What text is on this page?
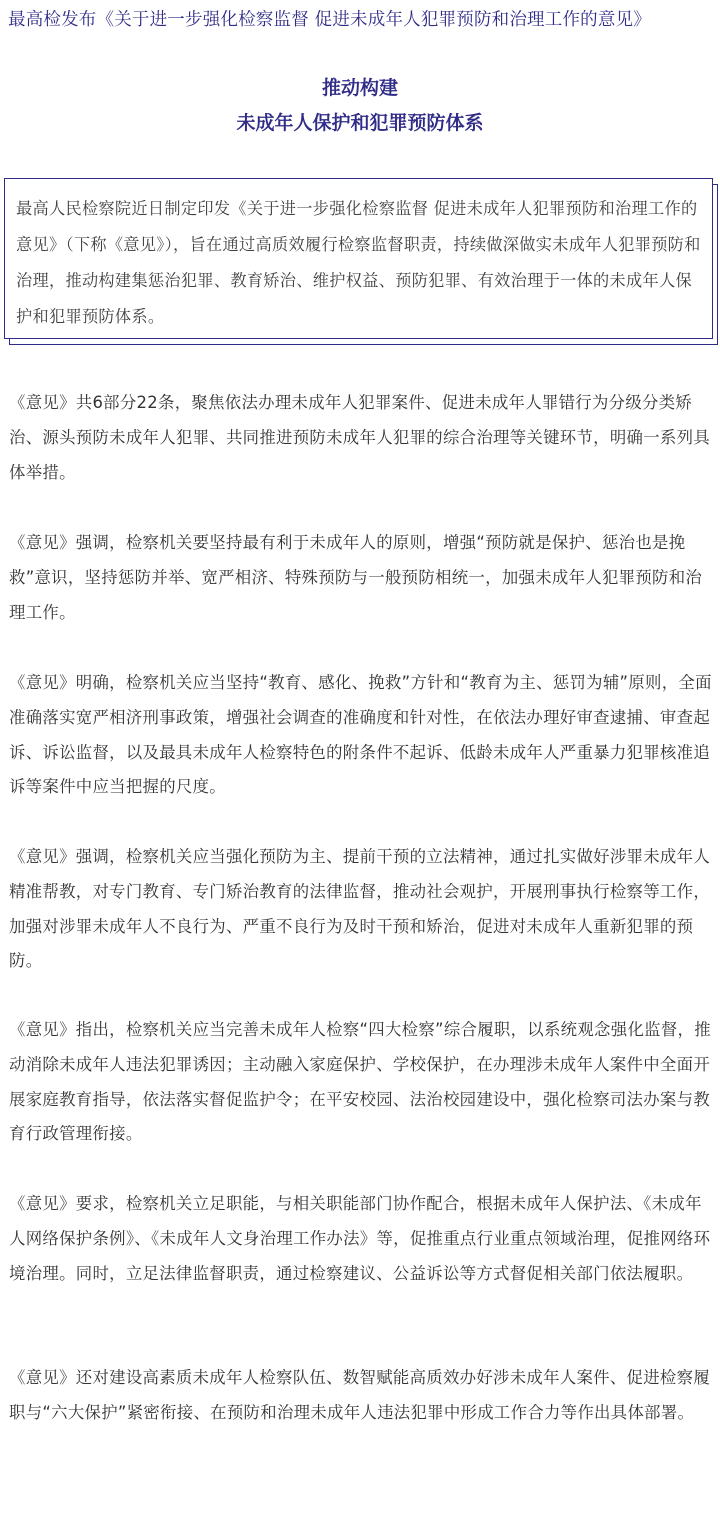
最高检发布《关于进一步强化检察监督 促进未成年人犯罪预防和治理工作的意见》
推动构建
未成年人保护和犯罪预防体系

最高人民检察院近日制定印发《关于进一步强化检察监督 促进未成年人犯罪预防和治理工作的意见》（下称《意见》），旨在通过高质效履行检察监督职责，持续做深做实未成年人犯罪预防和治理，推动构建集惩治犯罪、教育矫治、维护权益、预防犯罪、有效治理于一体的未成年人保护和犯罪预防体系。

《意见》共6部分22条，聚焦依法办理未成年人犯罪案件、促进未成年人罪错行为分级分类矫治、源头预防未成年人犯罪、共同推进预防未成年人犯罪的综合治理等关键环节，明确一系列具体举措。

《意见》强调，检察机关要坚持最有利于未成年人的原则，增强“预防就是保护、惩治也是挽救”意识，坚持惩防并举、宽严相济、特殊预防与一般预防相统一，加强未成年人犯罪预防和治理工作。

《意见》明确，检察机关应当坚持“教育、感化、挽救”方针和“教育为主、惩罚为辅”原则，全面准确落实宽严相济刑事政策，增强社会调查的准确度和针对性，在依法办理好审查逮捕、审查起诉、诉讼监督，以及最具未成年人检察特色的附条件不起诉、低龄未成年人严重暴力犯罪核准追诉等案件中应当把握的尺度。

《意见》强调，检察机关应当强化预防为主、提前干预的立法精神，通过扎实做好涉罪未成年人精准帮教，对专门教育、专门矫治教育的法律监督，推动社会观护，开展刑事执行检察等工作，加强对涉罪未成年人不良行为、严重不良行为及时干预和矫治，促进对未成年人重新犯罪的预防。

《意见》指出，检察机关应当完善未成年人检察“四大检察”综合履职，以系统观念强化监督，推动消除未成年人违法犯罪诱因；主动融入家庭保护、学校保护，在办理涉未成年人案件中全面开展家庭教育指导，依法落实督促监护令；在平安校园、法治校园建设中，强化检察司法办案与教育行政管理衔接。

《意见》要求，检察机关立足职能，与相关职能部门协作配合，根据未成年人保护法、《未成年人网络保护条例》、《未成年人文身治理工作办法》等，促推重点行业重点领域治理，促推网络环境治理。同时，立足法律监督职责，通过检察建议、公益诉讼等方式督促相关部门依法履职。

《意见》还对建设高素质未成年人检察队伍、数智赋能高质效办好涉未成年人案件、促进检察履职与“六大保护”紧密衔接、在预防和治理未成年人违法犯罪中形成工作合力等作出具体部署。
